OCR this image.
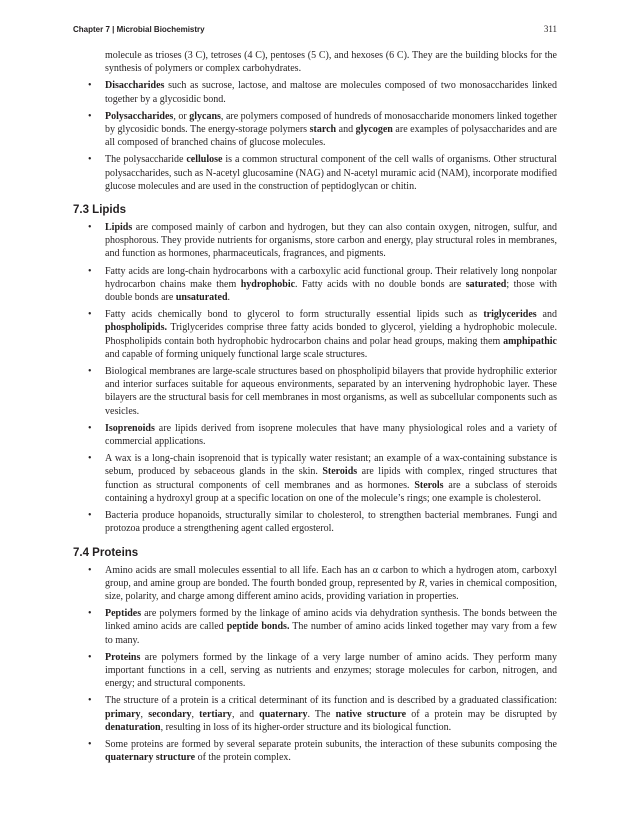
Chapter 7 | Microbial Biochemistry	311

molecule as trioses (3 C), tetroses (4 C), pentoses (5 C), and hexoses (6 C). They are the building blocks for the synthesis of polymers or complex carbohydrates.

• Disaccharides such as sucrose, lactose, and maltose are molecules composed of two monosaccharides linked together by a glycosidic bond.
• Polysaccharides, or glycans, are polymers composed of hundreds of monosaccharide monomers linked together by glycosidic bonds. The energy-storage polymers starch and glycogen are examples of polysaccharides and are all composed of branched chains of glucose molecules.
• The polysaccharide cellulose is a common structural component of the cell walls of organisms. Other structural polysaccharides, such as N-acetyl glucosamine (NAG) and N-acetyl muramic acid (NAM), incorporate modified glucose molecules and are used in the construction of peptidoglycan or chitin.
7.3 Lipids
• Lipids are composed mainly of carbon and hydrogen, but they can also contain oxygen, nitrogen, sulfur, and phosphorous. They provide nutrients for organisms, store carbon and energy, play structural roles in membranes, and function as hormones, pharmaceuticals, fragrances, and pigments.
• Fatty acids are long-chain hydrocarbons with a carboxylic acid functional group. Their relatively long nonpolar hydrocarbon chains make them hydrophobic. Fatty acids with no double bonds are saturated; those with double bonds are unsaturated.
• Fatty acids chemically bond to glycerol to form structurally essential lipids such as triglycerides and phospholipids. Triglycerides comprise three fatty acids bonded to glycerol, yielding a hydrophobic molecule. Phospholipids contain both hydrophobic hydrocarbon chains and polar head groups, making them amphipathic and capable of forming uniquely functional large scale structures.
• Biological membranes are large-scale structures based on phospholipid bilayers that provide hydrophilic exterior and interior surfaces suitable for aqueous environments, separated by an intervening hydrophobic layer. These bilayers are the structural basis for cell membranes in most organisms, as well as subcellular components such as vesicles.
• Isoprenoids are lipids derived from isoprene molecules that have many physiological roles and a variety of commercial applications.
• A wax is a long-chain isoprenoid that is typically water resistant; an example of a wax-containing substance is sebum, produced by sebaceous glands in the skin. Steroids are lipids with complex, ringed structures that function as structural components of cell membranes and as hormones. Sterols are a subclass of steroids containing a hydroxyl group at a specific location on one of the molecule’s rings; one example is cholesterol.
• Bacteria produce hopanoids, structurally similar to cholesterol, to strengthen bacterial membranes. Fungi and protozoa produce a strengthening agent called ergosterol.
7.4 Proteins
• Amino acids are small molecules essential to all life. Each has an α carbon to which a hydrogen atom, carboxyl group, and amine group are bonded. The fourth bonded group, represented by R, varies in chemical composition, size, polarity, and charge among different amino acids, providing variation in properties.
• Peptides are polymers formed by the linkage of amino acids via dehydration synthesis. The bonds between the linked amino acids are called peptide bonds. The number of amino acids linked together may vary from a few to many.
• Proteins are polymers formed by the linkage of a very large number of amino acids. They perform many important functions in a cell, serving as nutrients and enzymes; storage molecules for carbon, nitrogen, and energy; and structural components.
• The structure of a protein is a critical determinant of its function and is described by a graduated classification: primary, secondary, tertiary, and quaternary. The native structure of a protein may be disrupted by denaturation, resulting in loss of its higher-order structure and its biological function.
• Some proteins are formed by several separate protein subunits, the interaction of these subunits composing the quaternary structure of the protein complex.
